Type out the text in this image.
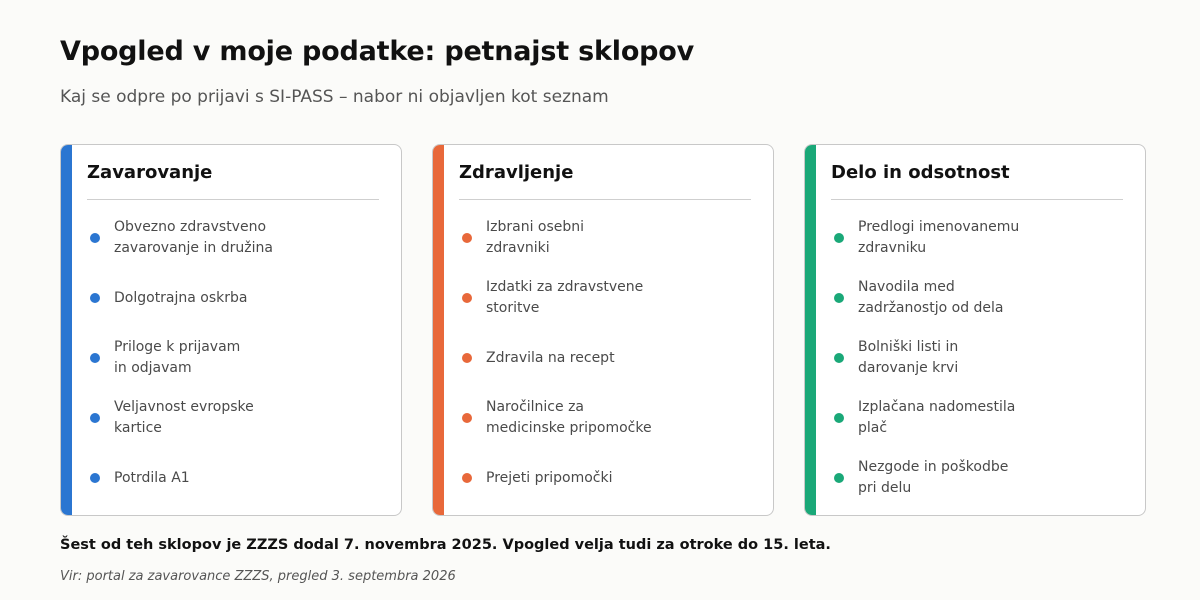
Vpogled v moje podatke: petnajst sklopov

Kaj se odpre po prijavi s SI-PASS – nabor ni objavljen kot seznam

Zavarovanje
Obvezno zdravstveno
zavarovanje in družina
Dolgotrajna oskrba
Priloge k prijavam
in odjavam
Veljavnost evropske
kartice
Potrdila A1
Zdravljenje
Izbrani osebni
zdravniki
Izdatki za zdravstvene
storitve
Zdravila na recept
Naročilnice za
medicinske pripomočke
Prejeti pripomočki
Delo in odsotnost
Predlogi imenovanemu
zdravniku
Navodila med
zadržanostjo od dela
Bolniški listi in
darovanje krvi
Izplačana nadomestila
plač
Nezgode in poškodbe
pri delu

Šest od teh sklopov je ZZZS dodal 7. novembra 2025. Vpogled velja tudi za otroke do 15. leta.

Vir: portal za zavarovance ZZZS, pregled 3. septembra 2026
